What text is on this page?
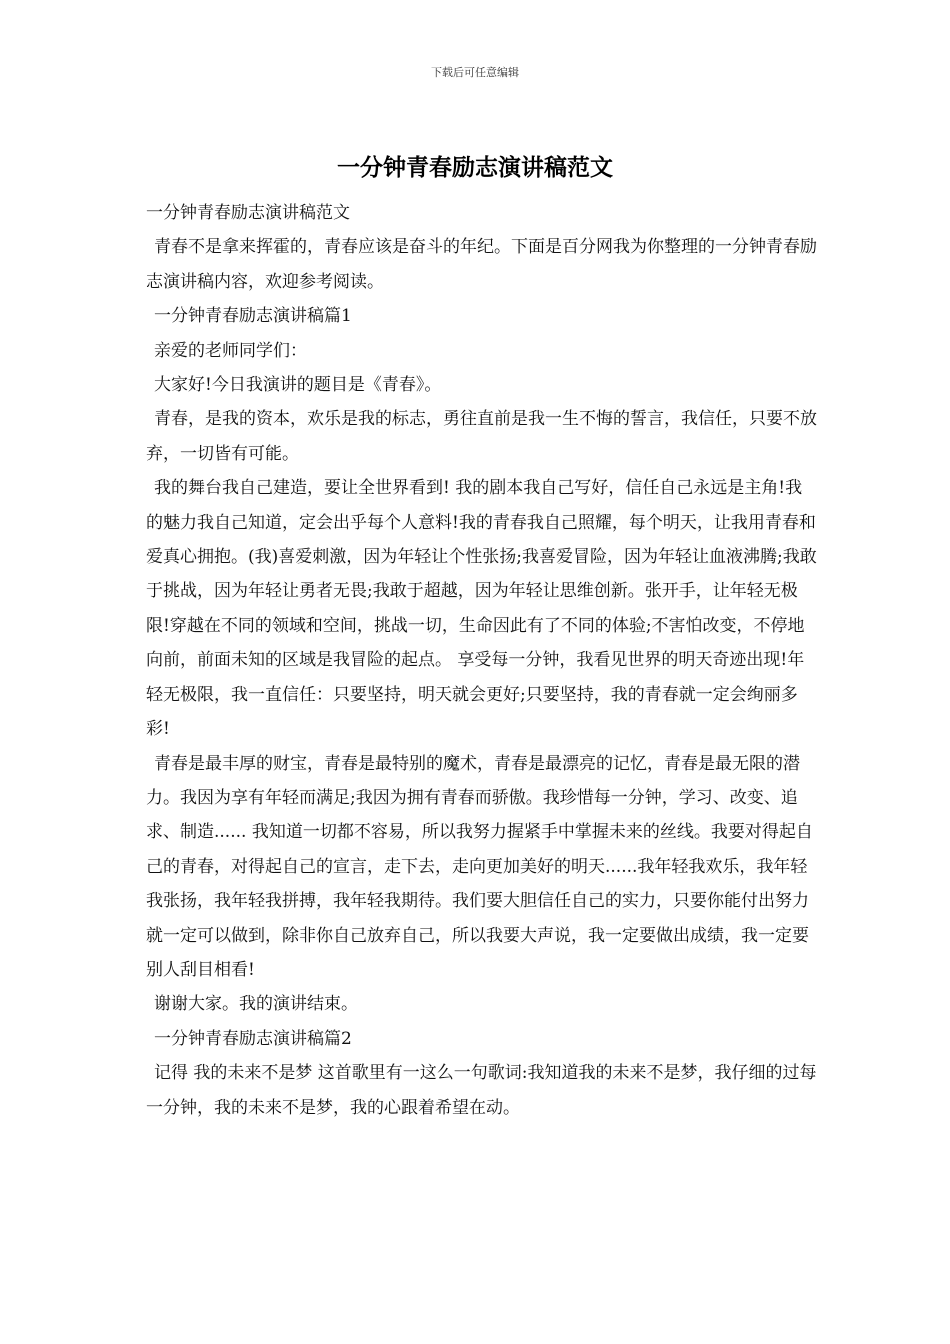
下载后可任意编辑
一分钟青春励志演讲稿范文

一分钟青春励志演讲稿范文

青春不是拿来挥霍的，青春应该是奋斗的年纪。下面是百分网我为你整理的一分钟青春励志演讲稿内容，欢迎参考阅读。

一分钟青春励志演讲稿篇1

亲爱的老师同学们：

大家好!今日我演讲的题目是《青春》。

青春，是我的资本，欢乐是我的标志，勇往直前是我一生不悔的誓言，我信任，只要不放弃，一切皆有可能。

我的舞台我自己建造，要让全世界看到! 我的剧本我自己写好，信任自己永远是主角!我的魅力我自己知道，定会出乎每个人意料!我的青春我自己照耀，每个明天，让我用青春和爱真心拥抱。(我)喜爱刺激，因为年轻让个性张扬;我喜爱冒险，因为年轻让血液沸腾;我敢于挑战，因为年轻让勇者无畏;我敢于超越，因为年轻让思维创新。张开手，让年轻无极限!穿越在不同的领域和空间，挑战一切，生命因此有了不同的体验;不害怕改变，不停地向前，前面未知的区域是我冒险的起点。 享受每一分钟，我看见世界的明天奇迹出现!年轻无极限，我一直信任：只要坚持，明天就会更好;只要坚持，我的青春就一定会绚丽多彩!

青春是最丰厚的财宝，青春是最特别的魔术，青春是最漂亮的记忆，青春是最无限的潜力。我因为享有年轻而满足;我因为拥有青春而骄傲。我珍惜每一分钟，学习、改变、追求、制造...... 我知道一切都不容易，所以我努力握紧手中掌握未来的丝线。我要对得起自己的青春，对得起自己的宣言，走下去，走向更加美好的明天......我年轻我欢乐，我年轻我张扬，我年轻我拼搏，我年轻我期待。我们要大胆信任自己的实力，只要你能付出努力就一定可以做到，除非你自己放弃自己，所以我要大声说，我一定要做出成绩，我一定要别人刮目相看!

谢谢大家。我的演讲结束。

一分钟青春励志演讲稿篇2

记得 我的未来不是梦 这首歌里有一这么一句歌词:我知道我的未来不是梦，我仔细的过每一分钟，我的未来不是梦，我的心跟着希望在动。
